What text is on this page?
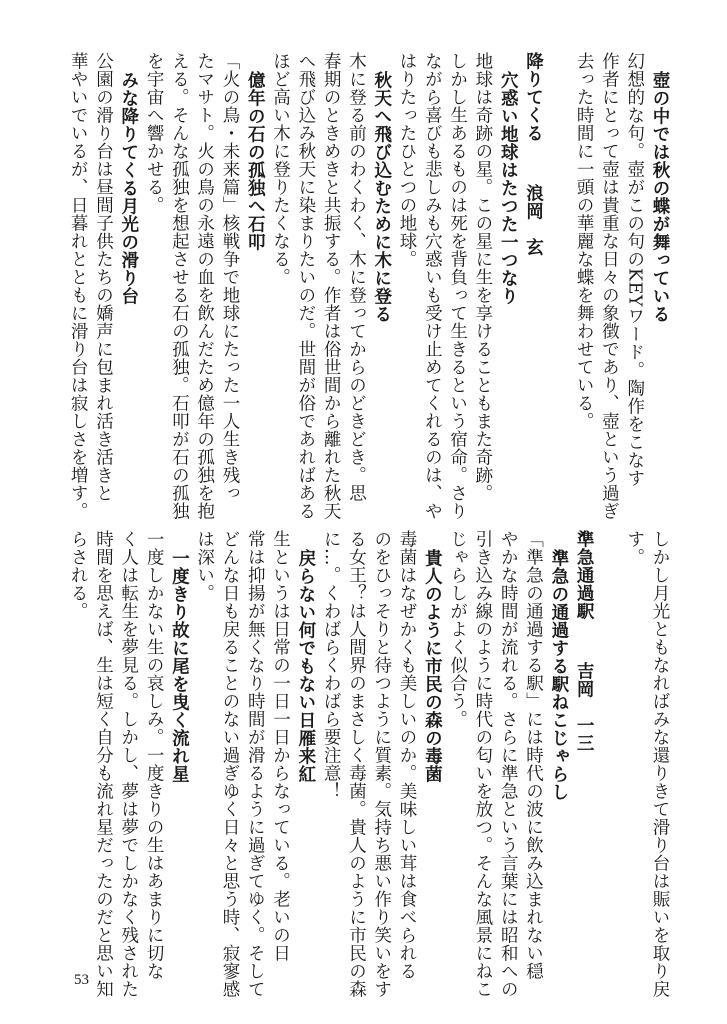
壺の中では秋の蝶が舞っている
幻想的な句。壺がこの句のKEYワード。陶作をこなす
作者にとって壺は貴重な日々の象徴であり、壺という過ぎ
去った時間に一頭の華麗な蝶を舞わせている。
降りてくる浪岡　玄
穴惑い地球はたつた一つなり
地球は奇跡の星。この星に生を享けることもまた奇跡。
しかし生あるものは死を背負って生きるという宿命。さり
ながら喜びも悲しみも穴惑いも受け止めてくれるのは、や
はりたったひとつの地球。
秋天へ飛び込むために木に登る
木に登る前のわくわく、木に登ってからのどきどき。思
春期のときめきと共振する。作者は俗世間から離れた秋天
へ飛び込み秋天に染まりたいのだ。世間が俗であればある
ほど高い木に登りたくなる。
億年の石の孤独へ石叩
「火の鳥・未来篇」核戦争で地球にたった一人生き残っ
たマサト。火の鳥の永遠の血を飲んだため億年の孤独を抱
える。そんな孤独を想起させる石の孤独。石叩が石の孤独
を宇宙へ響かせる。
みな降りてくる月光の滑り台
公園の滑り台は昼間子供たちの嬌声に包まれ活き活きと
華やいでいるが、日暮れとともに滑り台は寂しさを増す。
しかし月光ともなればみな還りきて滑り台は賑いを取り戻
す。
準急通過駅吉岡　一三
準急の通過する駅ねこじゃらし
「準急の通過する駅」には時代の波に飲み込まれない穏
やかな時間が流れる。さらに準急という言葉には昭和への
引き込み線のように時代の匂いを放つ。そんな風景にねこ
じゃらしがよく似合う。
貴人のように市民の森の毒菌
毒菌はなぜかくも美しいのか。美味しい茸は食べられる
のをひっそりと待つように質素。気持ち悪い作り笑いをす
る女王？は人間界のまさしく毒菌。貴人のように市民の森
に…。くわばらくわばら要注意！
戻らない何でもない日雁来紅
生というは日常の一日一日からなっている。老いの日
常は抑揚が無くなり時間が滑るように過ぎてゆく。そして
どんな日も戻ることのない過ぎゆく日々と思う時、寂寥感
は深い。
一度きり故に尾を曳く流れ星
一度しかない生の哀しみ。一度きりの生はあまりに切な
く人は転生を夢見る。しかし、夢は夢でしかなく残された
時間を思えば、生は短く自分も流れ星だったのだと思い知
らされる。
53
